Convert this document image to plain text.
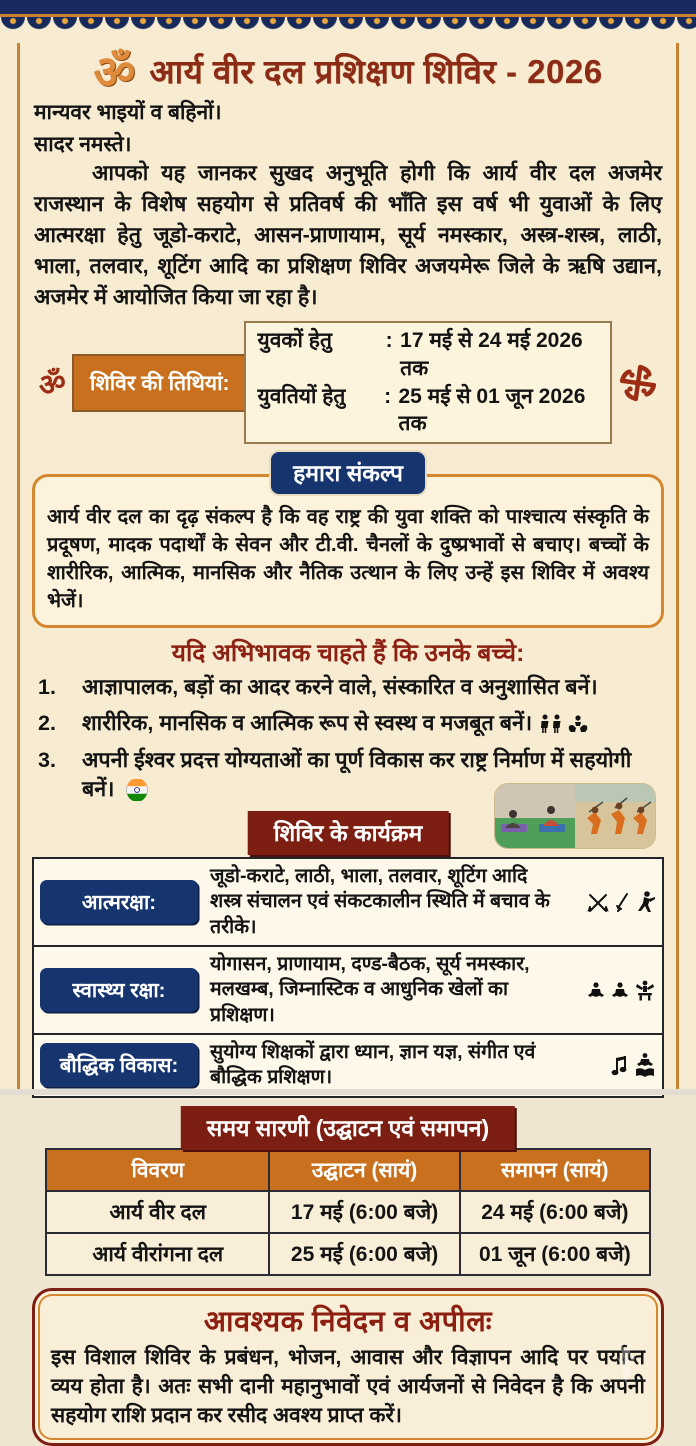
ॐ आर्य वीर दल प्रशिक्षण शिविर - 2026
मान्यवर भाइयों व बहिनों।
सादर नमस्ते।

आपको यह जानकर सुखद अनुभूति होगी कि आर्य वीर दल अजमेर राजस्थान के विशेष सहयोग से प्रतिवर्ष की भाँति इस वर्ष भी युवाओं के लिए आत्मरक्षा हेतु जूडो-कराटे, आसन-प्राणायाम, सूर्य नमस्कार, अस्त्र-शस्त्र, लाठी, भाला, तलवार, शूटिंग आदि का प्रशिक्षण शिविर अजयमेरू जिले के ऋषि उद्यान, अजमेर में आयोजित किया जा रहा है।

ॐ शिविर की तिथियां:
युवकों हेतु	: 17 मई से 24 मई 2026 तक
युवतियों हेतु	: 25 मई से 01 जून 2026 तक
हमारा संकल्प

आर्य वीर दल का दृढ़ संकल्प है कि वह राष्ट्र की युवा शक्ति को पाश्चात्य संस्कृति के प्रदूषण, मादक पदार्थों के सेवन और टी.वी. चैनलों के दुष्प्रभावों से बचाए। बच्चों के शारीरिक, आत्मिक, मानसिक और नैतिक उत्थान के लिए उन्हें इस शिविर में अवश्य भेजें।

यदि अभिभावक चाहते हैं कि उनके बच्चे:
1.	आज्ञापालक, बड़ों का आदर करने वाले, संस्कारित व अनुशासित बनें।
2.	शारीरिक, मानसिक व आत्मिक रूप से स्वस्थ व मजबूत बनें।
3.	अपनी ईश्वर प्रदत्त योग्यताओं का पूर्ण विकास कर राष्ट्र निर्माण में सहयोगी बनें।
शिविर के कार्यक्रम
आत्मरक्षा:	जूडो-कराटे, लाठी, भाला, तलवार, शूटिंग आदि शस्त्र संचालन एवं संकटकालीन स्थिति में बचाव के तरीके।

स्वास्थ्य रक्षा:	योगासन, प्राणायाम, दण्ड-बैठक, सूर्य नमस्कार, मलखम्ब, जिम्नास्टिक व आधुनिक खेलों का प्रशिक्षण।

बौद्धिक विकास:	सुयोग्य शिक्षकों द्वारा ध्यान, ज्ञान यज्ञ, संगीत एवं बौद्धिक प्रशिक्षण।

समय सारणी (उद्घाटन एवं समापन)
विवरण	उद्घाटन (सायं)	समापन (सायं)
आर्य वीर दल	17 मई (6:00 बजे)	24 मई (6:00 बजे)
आर्य वीरांगना दल	25 मई (6:00 बजे)	01 जून (6:00 बजे)
आवश्यक निवेदन व अपीलः

इस विशाल शिविर के प्रबंधन, भोजन, आवास और विज्ञापन आदि पर पर्याप्त व्यय होता है। अतः सभी दानी महानुभावों एवं आर्यजनों से निवेदन है कि अपनी सहयोग राशि प्रदान कर रसीद अवश्य प्राप्त करें।
